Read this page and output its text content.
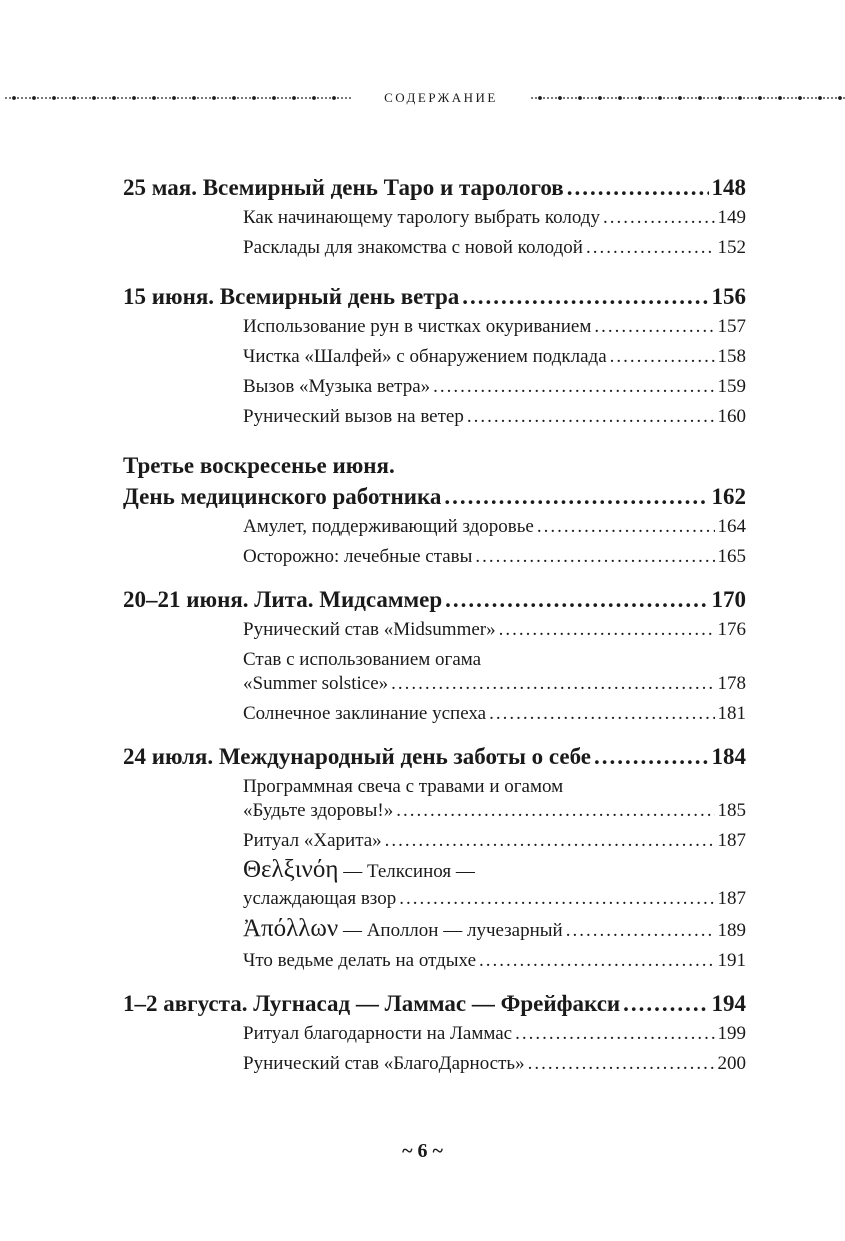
СОДЕРЖАНИЕ
25 мая. Всемирный день Таро и тарологов .....	148
Как начинающему тарологу выбрать колоду .....	149
Расклады для знакомства с новой колодой .....	152
15 июня. Всемирный день ветра .....	156
Использование рун в чистках окуриванием .....	157
Чистка «Шалфей» с обнаружением подклада .....	158
Вызов «Музыка ветра» .....	159
Рунический вызов на ветер .....	160
Третье воскресенье июня.
День медицинского работника .....	162
Амулет, поддерживающий здоровье .....	164
Осторожно: лечебные ставы .....	165
20–21 июня. Лита. Мидсаммер .....	170
Рунический став «Midsummer» .....	176
Став с использованием огама
«Summer solstice» .....	178
Солнечное заклинание успеха .....	181
24 июля. Международный день заботы о себе .....	184
Программная свеча с травами и огамом
«Будьте здоровы!» .....	185
Ритуал «Харита» .....	187
Θελξινόη — Телксиноя —
услаждающая взор .....	187
Ἀπόλλων — Аполлон — лучезарный .....	189
Что ведьме делать на отдыхе .....	191
1–2 августа. Лугнасад — Ламмас — Фрейфакси .....	194
Ритуал благодарности на Ламмас .....	199
Рунический став «БлагоДарность» .....	200
~ 6 ~
